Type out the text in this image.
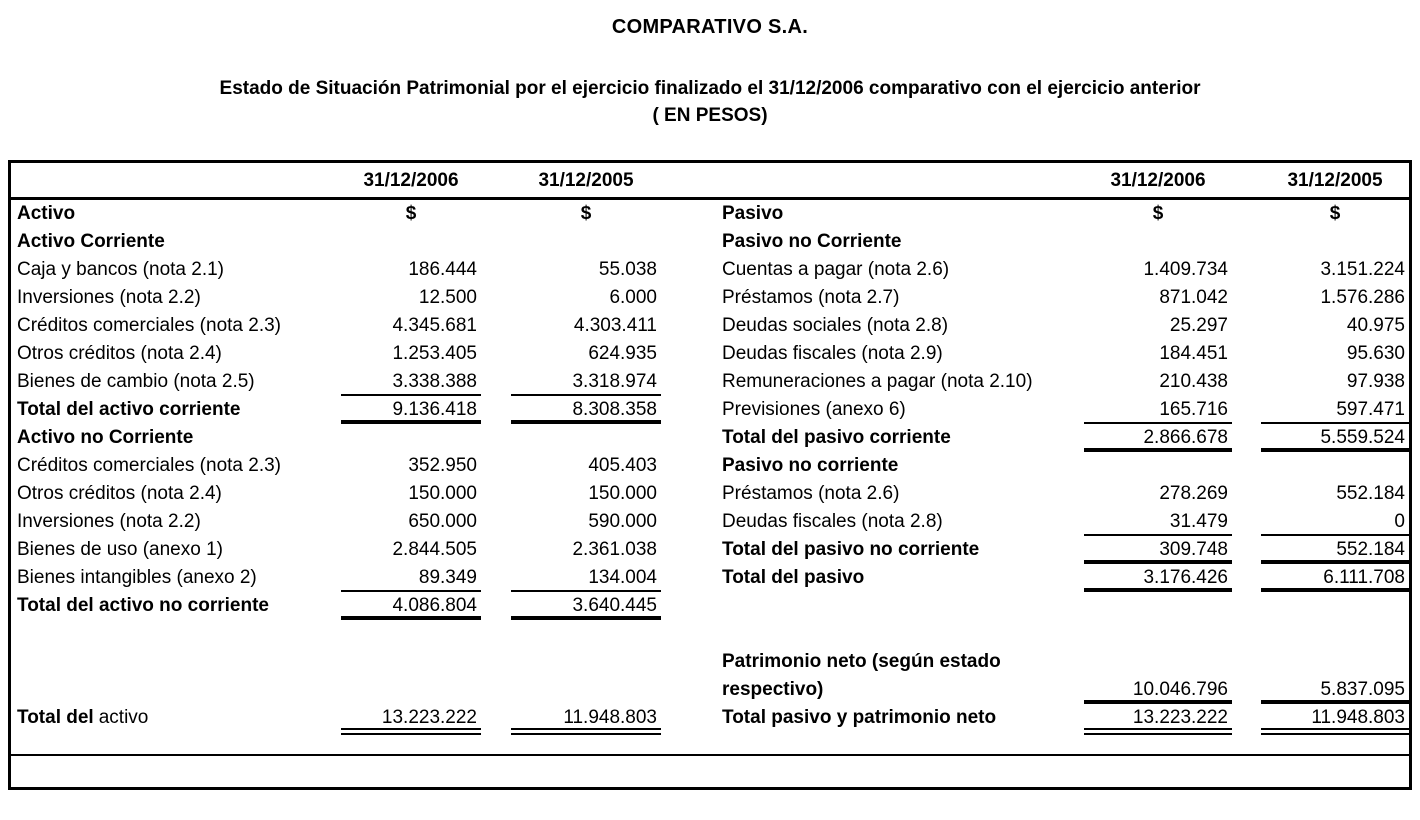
COMPARATIVO S.A.
Estado de Situación Patrimonial por el ejercicio finalizado el 31/12/2006 comparativo con el ejercicio anterior
( EN PESOS)
31/12/2006	31/12/2005	31/12/2006	31/12/2005
Activo	$	$	Pasivo	$	$
Activo Corriente	Pasivo no Corriente
Caja y bancos (nota 2.1)	186.444	55.038	Cuentas a pagar (nota 2.6)	1.409.734	3.151.224
Inversiones (nota 2.2)	12.500	6.000	Préstamos (nota 2.7)	871.042	1.576.286
Créditos comerciales (nota 2.3)	4.345.681	4.303.411	Deudas sociales (nota 2.8)	25.297	40.975
Otros créditos (nota 2.4)	1.253.405	624.935	Deudas fiscales (nota 2.9)	184.451	95.630
Bienes de cambio (nota 2.5)	3.338.388	3.318.974	Remuneraciones a pagar (nota 2.10)	210.438	97.938
Total del activo corriente	9.136.418	8.308.358	Previsiones (anexo 6)	165.716	597.471
Activo no Corriente	Total del pasivo corriente	2.866.678	5.559.524
Créditos comerciales (nota 2.3)	352.950	405.403	Pasivo no corriente
Otros créditos (nota 2.4)	150.000	150.000	Préstamos (nota 2.6)	278.269	552.184
Inversiones (nota 2.2)	650.000	590.000	Deudas fiscales (nota 2.8)	31.479	0
Bienes de uso (anexo 1)	2.844.505	2.361.038	Total del pasivo no corriente	309.748	552.184
Bienes intangibles (anexo 2)	89.349	134.004	Total del pasivo	3.176.426	6.111.708
Total del activo no corriente	4.086.804	3.640.445
Patrimonio neto (según estado
respectivo)	10.046.796	5.837.095
Total del activo	13.223.222	11.948.803	Total pasivo y patrimonio neto	13.223.222	11.948.803
